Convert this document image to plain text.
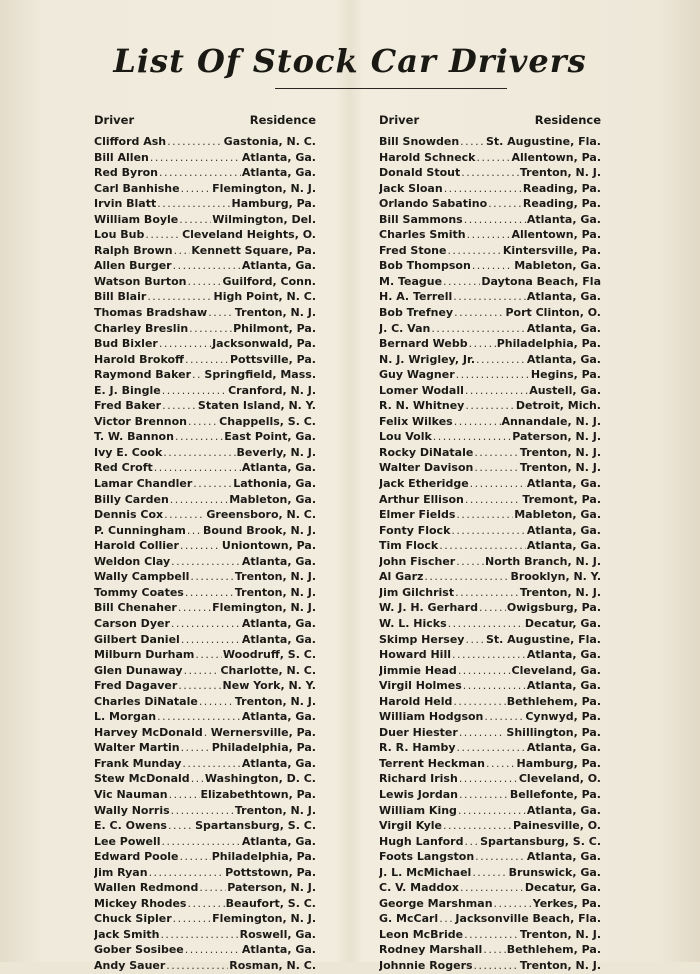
List Of Stock Car Drivers
Driver	Residence
Clifford Ash .....	Gastonia, N. C.
Bill Allen .....	Atlanta, Ga.
Red Byron .....	Atlanta, Ga.
Carl Banhishe .....	Flemington, N. J.
Irvin Blatt .....	Hamburg, Pa.
William Boyle .....	Wilmington, Del.
Lou Bub .....	Cleveland Heights, O.
Ralph Brown ..... Kennett Square, Pa.
Allen Burger .....	Atlanta, Ga.
Watson Burton .....	Guilford, Conn.
Bill Blair .....	High Point, N. C.
Thomas Bradshaw .....	Trenton, N. J.
Charley Breslin .....	Philmont, Pa.
Bud Bixler .....	Jacksonwald, Pa.
Harold Brokoff .....	Pottsville, Pa.
Raymond Baker ..... Springfield, Mass.
E. J. Bingle .....	Cranford, N. J.
Fred Baker .....	Staten Island, N. Y.
Victor Brennon .....	Chappells, S. C.
T. W. Bannon .....	East Point, Ga.
Ivy E. Cook .....	Beverly, N. J.
Red Croft .....	Atlanta, Ga.
Lamar Chandler .....	Lathonia, Ga.
Billy Carden .....	Mableton, Ga.
Dennis Cox .....	Greensboro, N. C.
P. Cunningham ..... Bound Brook, N. J.
Harold Collier .....	Uniontown, Pa.
Weldon Clay .....	Atlanta, Ga.
Wally Campbell .....	Trenton, N. J.
Tommy Coates .....	Trenton, N. J.
Bill Chenaher .....	Flemington, N. J.
Carson Dyer .....	Atlanta, Ga.
Gilbert Daniel .....	Atlanta, Ga.
Milburn Durham .....	Woodruff, S. C.
Glen Dunaway .....	Charlotte, N. C.
Fred Dagaver .....	New York, N. Y.
Charles DiNatale .....	Trenton, N. J.
L. Morgan .....	Atlanta, Ga.
Harvey McDonald ..... Wernersville, Pa.
Walter Martin .....	Philadelphia, Pa.
Frank Munday .....	Atlanta, Ga.
Stew McDonald ..... Washington, D. C.
Vic Nauman .....	Elizabethtown, Pa.
Wally Norris .....	Trenton, N. J.
E. C. Owens .....	Spartansburg, S. C.
Lee Powell .....	Atlanta, Ga.
Edward Poole .....	Philadelphia, Pa.
Jim Ryan .....	Pottstown, Pa.
Wallen Redmond .....	Paterson, N. J.
Mickey Rhodes .....	Beaufort, S. C.
Chuck Sipler .....	Flemington, N. J.
Jack Smith .....	Roswell, Ga.
Gober Sosibee .....	Atlanta, Ga.
Andy Sauer .....	Rosman, N. C.
Driver	Residence
Bill Snowden ..... St. Augustine, Fla.
Harold Schneck .....	Allentown, Pa.
Donald Stout .....	Trenton, N. J.
Jack Sloan .....	Reading, Pa.
Orlando Sabatino .....	Reading, Pa.
Bill Sammons .....	Atlanta, Ga.
Charles Smith .....	Allentown, Pa.
Fred Stone .....	Kintersville, Pa.
Bob Thompson .....	Mableton, Ga.
M. Teague .....	Daytona Beach, Fla
H. A. Terrell .....	Atlanta, Ga.
Bob Trefney .....	Port Clinton, O.
J. C. Van .....	Atlanta, Ga.
Bernard Webb .....	Philadelphia, Pa.
N. J. Wrigley, Jr. .....	Atlanta, Ga.
Guy Wagner .....	Hegins, Pa.
Lomer Wodall .....	Austell, Ga.
R. N. Whitney .....	Detroit, Mich.
Felix Wilkes .....	Annandale, N. J.
Lou Volk .....	Paterson, N. J.
Rocky DiNatale .....	Trenton, N. J.
Walter Davison .....	Trenton, N. J.
Jack Etheridge .....	Atlanta, Ga.
Arthur Ellison .....	Tremont, Pa.
Elmer Fields .....	Mableton, Ga.
Fonty Flock .....	Atlanta, Ga.
Tim Flock .....	Atlanta, Ga.
John Fischer .....	North Branch, N. J.
Al Garz .....	Brooklyn, N. Y.
Jim Gilchrist .....	Trenton, N. J.
W. J. H. Gerhard .....	Owigsburg, Pa.
W. L. Hicks .....	Decatur, Ga.
Skimp Hersey ..... St. Augustine, Fla.
Howard Hill .....	Atlanta, Ga.
Jimmie Head .....	Cleveland, Ga.
Virgil Holmes .....	Atlanta, Ga.
Harold Held .....	Bethlehem, Pa.
William Hodgson .....	Cynwyd, Pa.
Duer Hiester .....	Shillington, Pa.
R. R. Hamby .....	Atlanta, Ga.
Terrent Heckman .....	Hamburg, Pa.
Richard Irish .....	Cleveland, O.
Lewis Jordan .....	Bellefonte, Pa.
William King .....	Atlanta, Ga.
Virgil Kyle .....	Painesville, O.
Hugh Lanford ..... Spartansburg, S. C.
Foots Langston .....	Atlanta, Ga.
J. L. McMichael .....	Brunswick, Ga.
C. V. Maddox .....	Decatur, Ga.
George Marshman .....	Yerkes, Pa.
G. McCarl ..... Jacksonville Beach, Fla.
Leon McBride .....	Trenton, N. J.
Rodney Marshall ..... Bethlehem, Pa.
Johnnie Rogers .....	Trenton, N. J.
